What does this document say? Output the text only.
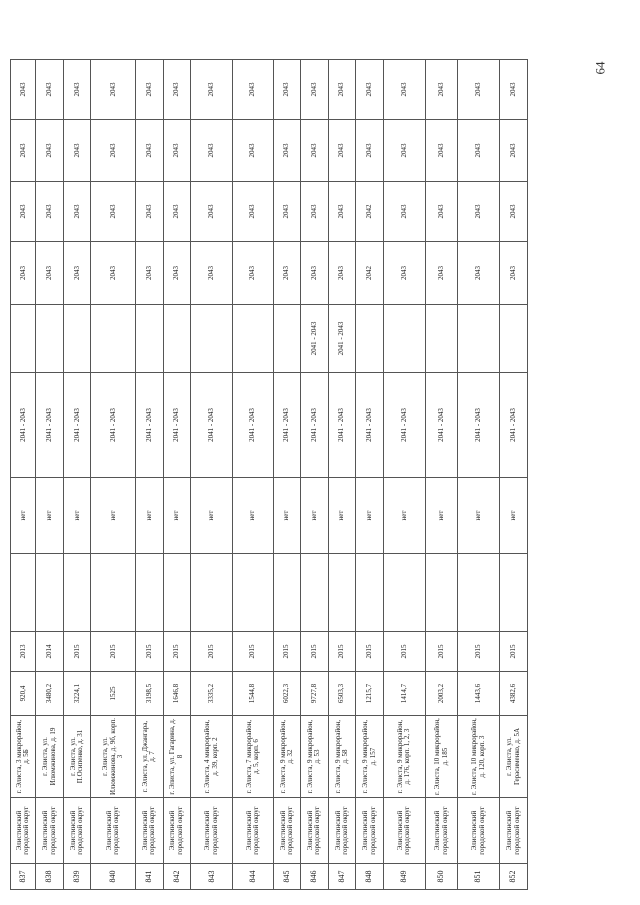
64
837	Элистинский городской округ	г. Элиста, 3 микрорайон, д. 5Б	920,4	2013		нет	2041 - 2043		2043	2043	2043	2043
838	Элистинский городской округ	г. Элиста, ул. Илюмжинова, д. 19	3480,2	2014		нет	2041 - 2043		2043	2043	2043	2043
839	Элистинский городской округ	г. Элиста, ул. П.Осипенко, д. 31	3224,1	2015		нет	2041 - 2043		2043	2043	2043	2043
840	Элистинский городской округ	г. Элиста, ул. Илюмжинова, д. 9б, корп. 3	1525	2015		нет	2041 - 2043		2043	2043	2043	2043
841	Элистинский городской округ	г. Элиста, ул. Джангара, д. 7	3198,5	2015		нет	2041 - 2043		2043	2043	2043	2043
842	Элистинский городской округ	г. Элиста, ул. Гагарина, д. 8	1646,8	2015		нет	2041 - 2043		2043	2043	2043	2043
843	Элистинский городской округ	г. Элиста, 4 микрорайон, д. 39, корп. 2	3335,2	2015		нет	2041 - 2043		2043	2043	2043	2043
844	Элистинский городской округ	г. Элиста, 7 микрорайон, д. 5, корп. 6	1544,8	2015		нет	2041 - 2043		2043	2043	2043	2043
845	Элистинский городской округ	г. Элиста, 9 микрорайон, д. 32	6022,3	2015		нет	2041 - 2043		2043	2043	2043	2043
846	Элистинский городской округ	г. Элиста, 9 микрорайон, д. 53	9727,8	2015		нет	2041 - 2043	2041 - 2043	2043	2043	2043	2043
847	Элистинский городской округ	г. Элиста, 9 микрорайон, д. 58	6503,3	2015		нет	2041 - 2043	2041 - 2043	2043	2043	2043	2043
848	Элистинский городской округ	г. Элиста, 9 микрорайон, д. 157	1215,7	2015		нет	2041 - 2043		2042	2042	2043	2043
849	Элистинский городской округ	г. Элиста, 9 микрорайон, д. 176, корп. 1, 2, 3	1414,7	2015		нет	2041 - 2043		2043	2043	2043	2043
850	Элистинский городской округ	г. Элиста, 10 микрорайон, д. 185	2003,2	2015		нет	2041 - 2043		2043	2043	2043	2043
851	Элистинский городской округ	г. Элиста, 10 микрорайон, д. 120, корп. 3	1443,6	2015		нет	2041 - 2043		2043	2043	2043	2043
852	Элистинский городской округ	г. Элиста, ул. Герасименко, д. 5А	4382,6	2015		нет	2041 - 2043		2043	2043	2043	2043
